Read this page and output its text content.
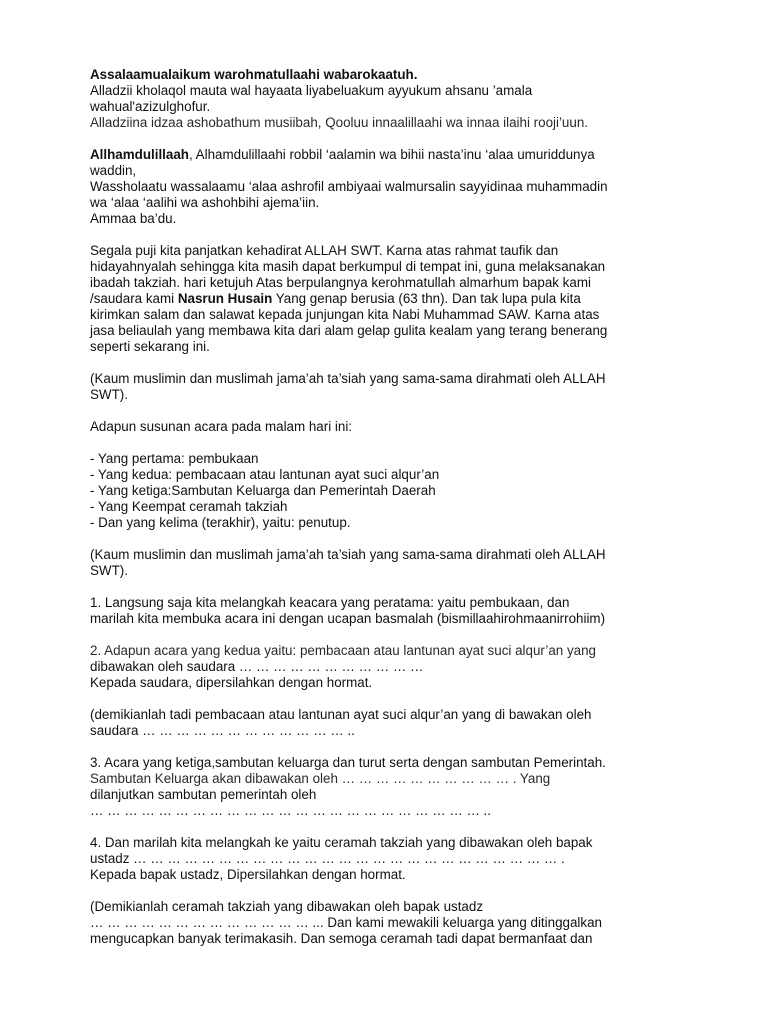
Assalaamualaikum warohmatullaahi wabarokaatuh.

Alladzii kholaqol mauta wal hayaata liyabeluakum ayyukum ahsanu ’amala

wahual'azizulghofur.

Alladziina idzaa ashobathum musiibah, Qooluu innaalillaahi wa innaa ilaihi rooji’uun.

Allhamdulillaah, Alhamdulillaahi robbil ‘aalamin wa bihii nasta’inu ‘alaa umuriddunya

waddin,

Wassholaatu wassalaamu ‘alaa ashrofil ambiyaai walmursalin sayyidinaa muhammadin

wa ‘alaa ‘aalihi wa ashohbihi ajema’iin.

Ammaa ba’du.

Segala puji kita panjatkan kehadirat ALLAH SWT. Karna atas rahmat taufik dan

hidayahnyalah sehingga kita masih dapat berkumpul di tempat ini, guna melaksanakan

ibadah takziah. hari ketujuh Atas berpulangnya kerohmatullah almarhum bapak kami

/saudara kami Nasrun Husain Yang genap berusia (63 thn). Dan tak lupa pula kita

kirimkan salam dan salawat kepada junjungan kita Nabi Muhammad SAW. Karna atas

jasa beliaulah yang membawa kita dari alam gelap gulita kealam yang terang benerang

seperti sekarang ini.

(Kaum muslimin dan muslimah jama’ah ta’siah yang sama-sama dirahmati oleh ALLAH

SWT).

Adapun susunan acara pada malam hari ini:

- Yang pertama: pembukaan

- Yang kedua: pembacaan atau lantunan ayat suci alqur’an

- Yang ketiga:Sambutan Keluarga dan Pemerintah Daerah

- Yang Keempat ceramah takziah

- Dan yang kelima (terakhir), yaitu: penutup.

(Kaum muslimin dan muslimah jama’ah ta’siah yang sama-sama dirahmati oleh ALLAH

SWT).

1. Langsung saja kita melangkah keacara yang peratama: yaitu pembukaan, dan

marilah kita membuka acara ini dengan ucapan basmalah (bismillaahirohmaanirrohiim)

2. Adapun acara yang kedua yaitu: pembacaan atau lantunan ayat suci alqur’an yang

dibawakan oleh saudara … … … … … … … … … … …

Kepada saudara, dipersilahkan dengan hormat.

(demikianlah tadi pembacaan atau lantunan ayat suci alqur’an yang di bawakan oleh

saudara … … … … … … … … … … … … ..

3. Acara yang ketiga,sambutan keluarga dan turut serta dengan sambutan Pemerintah.

Sambutan Keluarga akan dibawakan oleh … … … … … … … … … … . Yang

dilanjutkan sambutan pemerintah oleh

… … … … … … … … … … … … … … … … … … … … … … … ..

4. Dan marilah kita melangkah ke yaitu ceramah takziah yang dibawakan oleh bapak

ustadz … … … … … … … … … … … … … … … … … … … … … … … … … .

Kepada bapak ustadz, Dipersilahkan dengan hormat.

(Demikianlah ceramah takziah yang dibawakan oleh bapak ustadz

… … … … … … … … … … … … … ... Dan kami mewakili keluarga yang ditinggalkan

mengucapkan banyak terimakasih. Dan semoga ceramah tadi dapat bermanfaat dan
